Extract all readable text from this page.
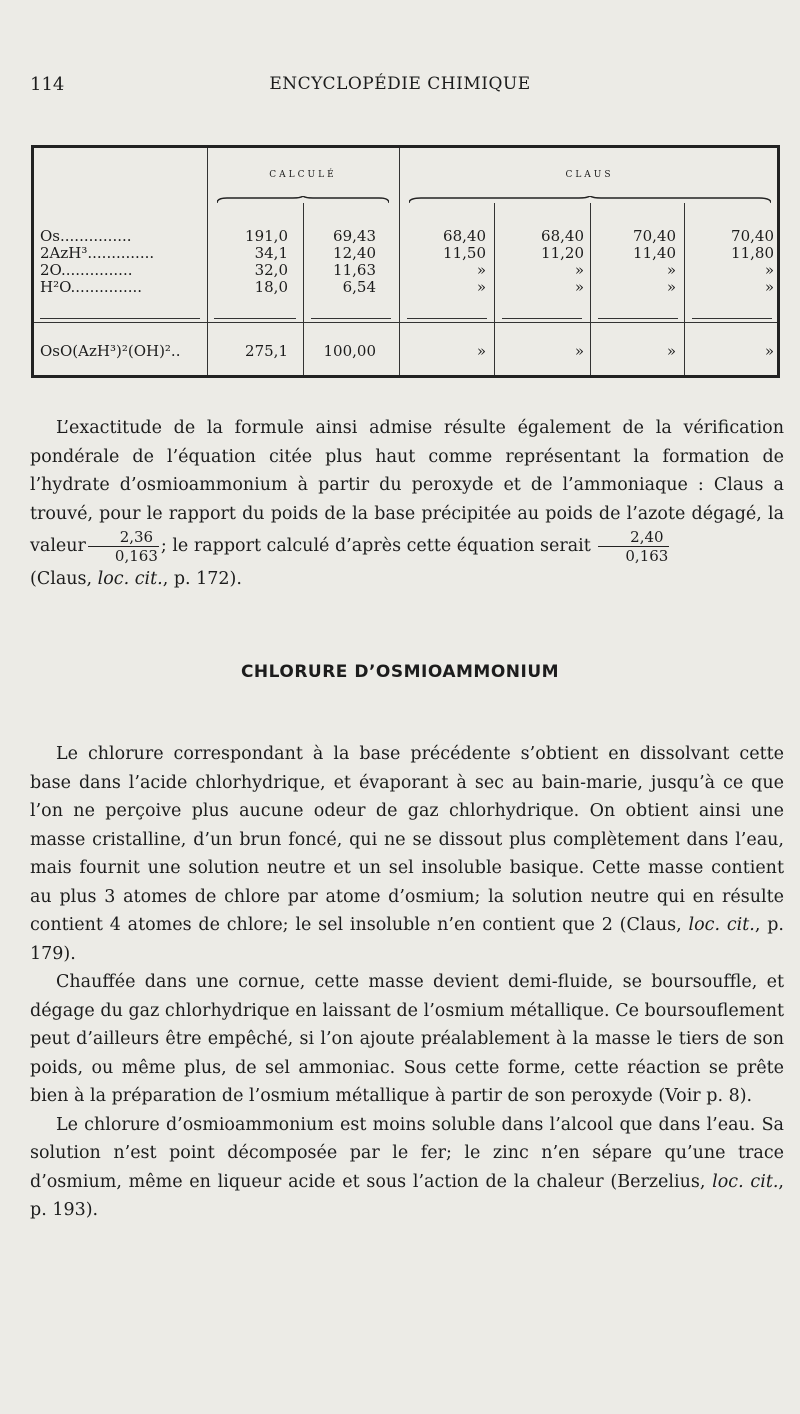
114	ENCYCLOPÉDIE CHIMIQUE
CALCULÉ	CLAUS
Os...............	191,0	69,43	68,40	68,40	70,40	70,40
2AzH³..............	34,1	12,40	11,50	11,20	11,40	11,80
2O...............	32,0	11,63	»	»	»	»
H²O...............	18,0	6,54	»	»	»	»
OsO(AzH³)²(OH)²..	275,1	100,00	»	»	»	»

L’exactitude de la formule ainsi admise résulte également de la vérification pondérale de l’équation citée plus haut comme représentant la formation de l’hydrate d’osmioammonium à partir du peroxyde et de l’ammoniaque : Claus a trouvé, pour le rapport du poids de la base précipitée au poids de l’azote dégagé, la valeur $\frac{2,36}{0,163}$ ; le rapport calculé d’après cette équation serait $\frac{2,40}{0,163}$

(Claus, loc. cit., p. 172).

CHLORURE D’OSMIOAMMONIUM

Le chlorure correspondant à la base précédente s’obtient en dissolvant cette base dans l’acide chlorhydrique, et évaporant à sec au bain-marie, jusqu’à ce que l’on ne perçoive plus aucune odeur de gaz chlorhydrique. On obtient ainsi une masse cristalline, d’un brun foncé, qui ne se dissout plus complètement dans l’eau, mais fournit une solution neutre et un sel insoluble basique. Cette masse contient au plus 3 atomes de chlore par atome d’osmium; la solution neutre qui en résulte contient 4 atomes de chlore; le sel insoluble n’en contient que 2 (Claus, loc. cit., p. 179).

Chauffée dans une cornue, cette masse devient demi-fluide, se boursouffle, et dégage du gaz chlorhydrique en laissant de l’osmium métallique. Ce boursouflement peut d’ailleurs être empêché, si l’on ajoute préalablement à la masse le tiers de son poids, ou même plus, de sel ammoniac. Sous cette forme, cette réaction se prête bien à la préparation de l’osmium métallique à partir de son peroxyde (Voir p. 8).

Le chlorure d’osmioammonium est moins soluble dans l’alcool que dans l’eau. Sa solution n’est point décomposée par le fer; le zinc n’en sépare qu’une trace d’osmium, même en liqueur acide et sous l’action de la chaleur (Berzelius, loc. cit., p. 193).
